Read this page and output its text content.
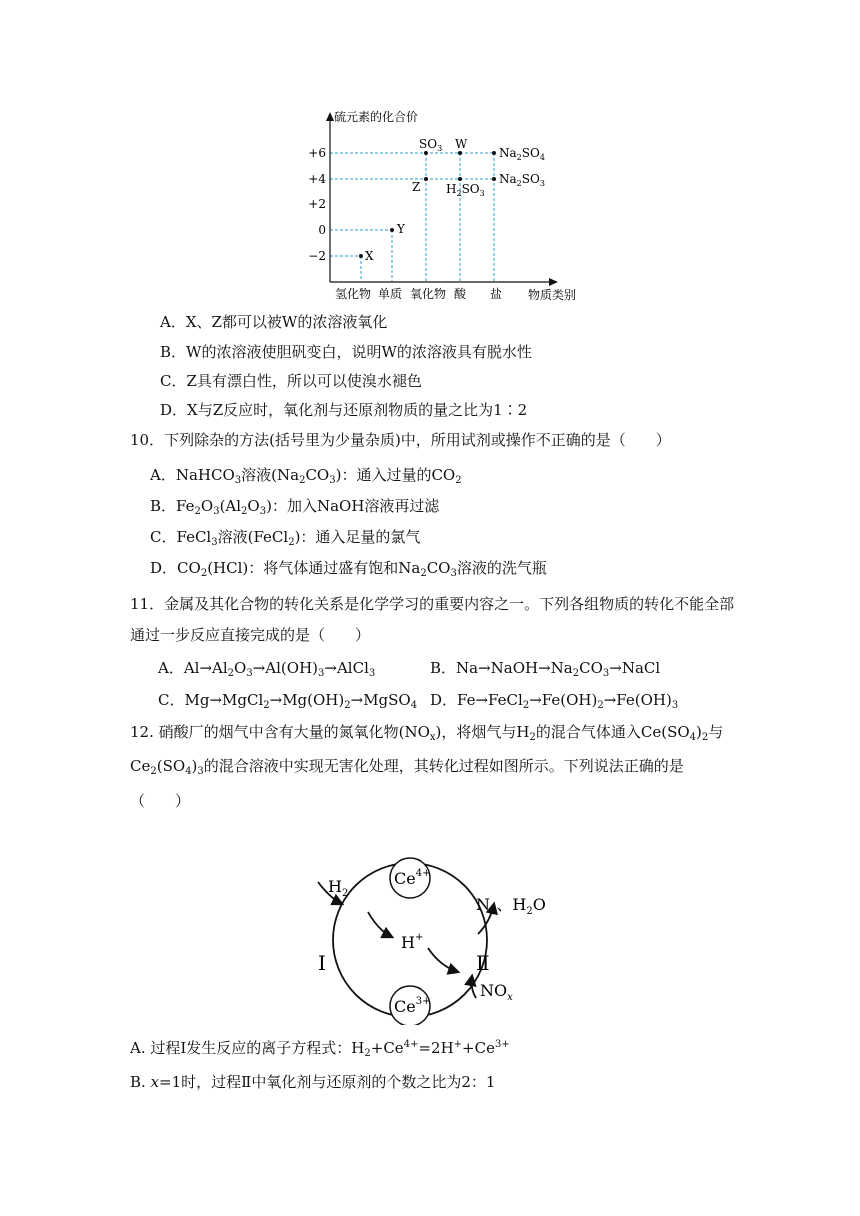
硫元素的化合价
+6
+4
+2
0
−2
氢化物 单质 氧化物 酸 盐 物质类别
X
Y
Z
W
$SO_3$
$H_2SO_3$
$Na_2SO_4$
$Na_2SO_3$
A．X、Z都可以被W的浓溶液氧化
B．W的浓溶液使胆矾变白，说明W的浓溶液具有脱水性
C．Z具有漂白性，所以可以使溴水褪色
D．X与Z反应时，氧化剂与还原剂物质的量之比为1∶2
10．下列除杂的方法(括号里为少量杂质)中，所用试剂或操作不正确的是（　　）
A．NaHCO$_3$溶液$(Na_2CO_3)$：通入过量的$CO_2$
B．$Fe_2O_3(Al_2O_3)$：加入NaOH溶液再过滤
C．FeCl$_3$溶液(FeCl$_2$)：通入足量的氯气
D．$CO_2(HCl)$：将气体通过盛有饱和$Na_2CO_3$溶液的洗气瓶
11．金属及其化合物的转化关系是化学学习的重要内容之一。下列各组物质的转化不能全部
通过一步反应直接完成的是（　　）
A．$Al\to Al_2O_3\to Al(OH)_3\to AlCl_3$	B．$Na\to NaOH\to Na_2CO_3\to NaCl$
C．$Mg\to MgCl_2\to Mg(OH)_2\to MgSO_4$ D．$Fe\to FeCl_2\to Fe(OH)_2\to Fe(OH)_3$
12. 硝酸厂的烟气中含有大量的氮氧化物$(NO_x)$，将烟气与$H_2$的混合气体通入$Ce(SO_4)_2$与
$Ce_2(SO_4)_3$的混合溶液中实现无害化处理，其转化过程如图所示。下列说法正确的是
（　　）
$Ce^{4+}$
$Ce^{3+}$
$H_2$
H+
Ⅰ	Ⅱ
$N_2$、$H_2O$
$NO_x$
A. 过程Ⅰ发生反应的离子方程式：$H_2+Ce^{4+}=2H^++Ce^{3+}$
B. x=1时，过程Ⅱ中氧化剂与还原剂的个数之比为2：1
